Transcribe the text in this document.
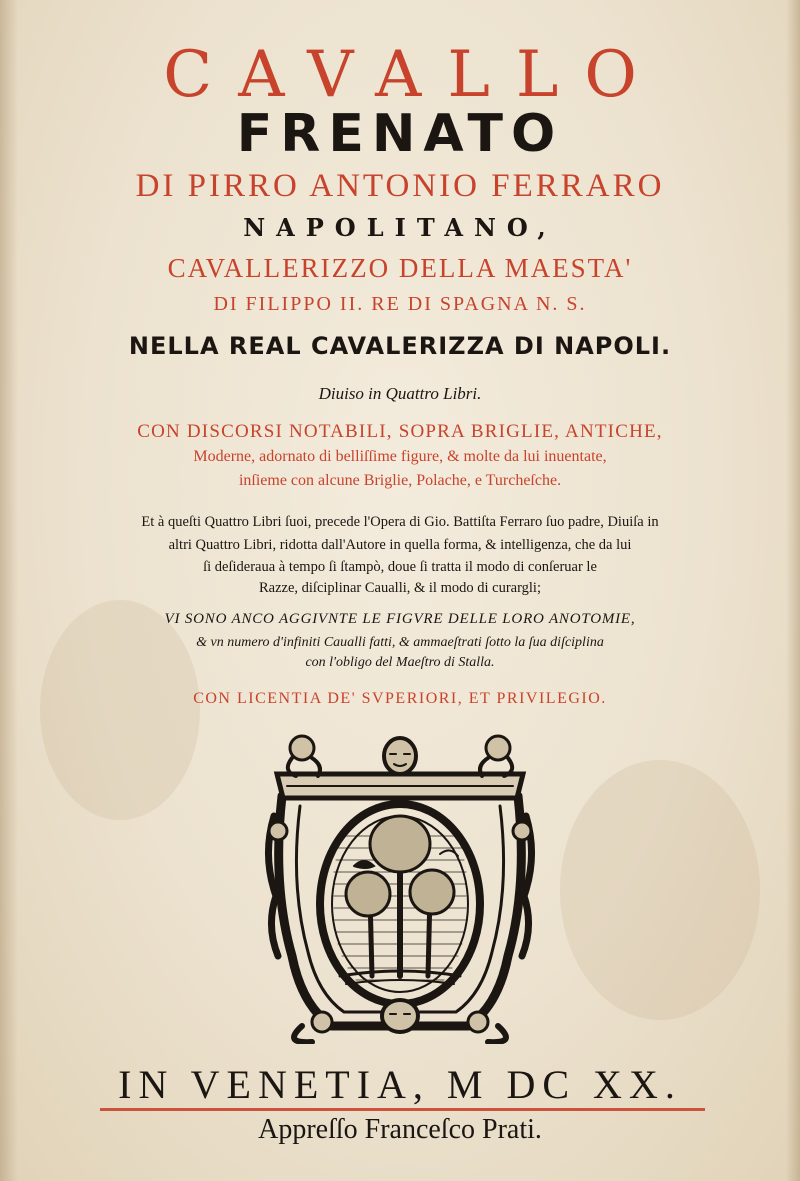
CAVALLO
FRENATO
DI PIRRO ANTONIO FERRARO
NAPOLITANO,
CAVALLERIZZO DELLA MAESTA'
DI FILIPPO II. RE DI SPAGNA N. S.
NELLA REAL CAVALERIZZA DI NAPOLI.
Diuiso in Quattro Libri.
CON DISCORSI NOTABILI, SOPRA BRIGLIE, ANTICHE,
Moderne, adornato di belliſſime figure, & molte da lui inuentate,
inſieme con alcune Briglie, Polache, e Turcheſche.
Et à queſti Quattro Libri ſuoi, precede l'Opera di Gio. Battiſta Ferraro ſuo padre, Diuiſa in
altri Quattro Libri, ridotta dall'Autore in quella forma, & intelligenza, che da lui
ſi deſideraua à tempo ſi ſtampò, doue ſi tratta il modo di conſeruar le
Razze, diſciplinar Caualli, & il modo di curargli;
VI SONO ANCO AGGIVNTE LE FIGVRE DELLE LORO ANOTOMIE,
& vn numero d'infiniti Caualli fatti, & ammaeſtrati ſotto la ſua diſciplina
con l'obligo del Maeſtro di Stalla.
CON LICENTIA DE' SVPERIORI, ET PRIVILEGIO.
IN VENETIA, M DC XX.
Appreſſo Franceſco Prati.
